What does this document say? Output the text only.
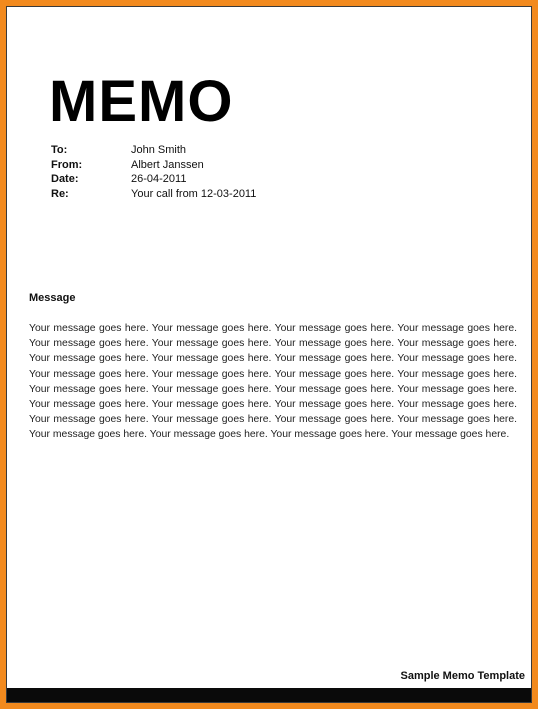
MEMO
To:	John Smith
From:	Albert Janssen
Date:	26-04-2011
Re:	Your call from 12-03-2011
Message
Your message goes here. Your message goes here. Your message goes here. Your message goes here. Your message goes here. Your message goes here. Your message goes here. Your message goes here. Your message goes here. Your message goes here. Your message goes here. Your message goes here. Your message goes here. Your message goes here. Your message goes here. Your message goes here. Your message goes here. Your message goes here. Your message goes here. Your message goes here. Your message goes here. Your message goes here. Your message goes here. Your message goes here. Your message goes here. Your message goes here. Your message goes here. Your message goes here. Your message goes here. Your message goes here. Your message goes here. Your message goes here.
Sample Memo Template
